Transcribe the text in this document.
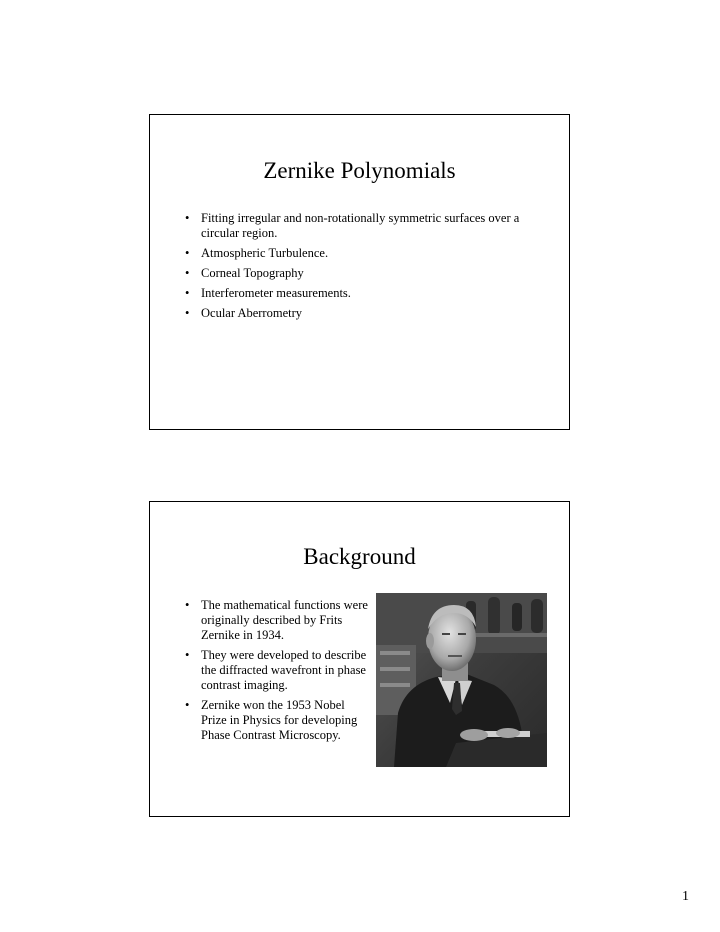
Zernike Polynomials
• Fitting irregular and non-rotationally symmetric surfaces over a circular region.
• Atmospheric Turbulence.
• Corneal Topography
• Interferometer measurements.
• Ocular Aberrometry
Background
• The mathematical functions were originally described by Frits Zernike in 1934.
• They were developed to describe the diffracted wavefront in phase contrast imaging.
• Zernike won the 1953 Nobel Prize in Physics for developing Phase Contrast Microscopy.
1
